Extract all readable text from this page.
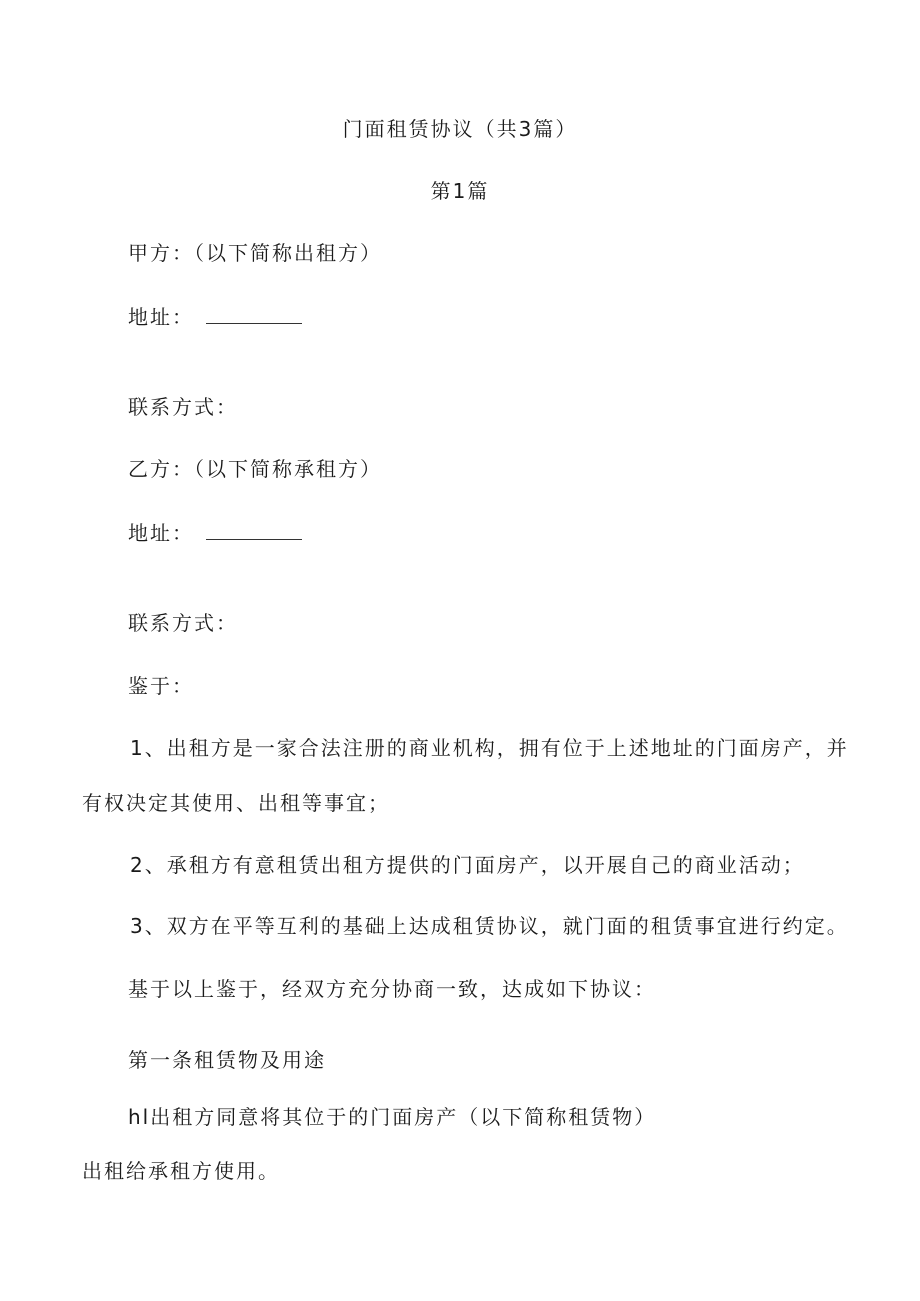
门面租赁协议（共3篇）
第1篇
甲方：（以下简称出租方）
地址：
联系方式：
乙方：（以下简称承租方）
地址：
联系方式：
鉴于：
1、出租方是一家合法注册的商业机构，拥有位于上述地址的门面房产，并
有权决定其使用、出租等事宜；
2、承租方有意租赁出租方提供的门面房产，以开展自己的商业活动；
3、双方在平等互利的基础上达成租赁协议，就门面的租赁事宜进行约定。
基于以上鉴于，经双方充分协商一致，达成如下协议：
第一条租赁物及用途
hl出租方同意将其位于的门面房产（以下简称租赁物）
出租给承租方使用。
